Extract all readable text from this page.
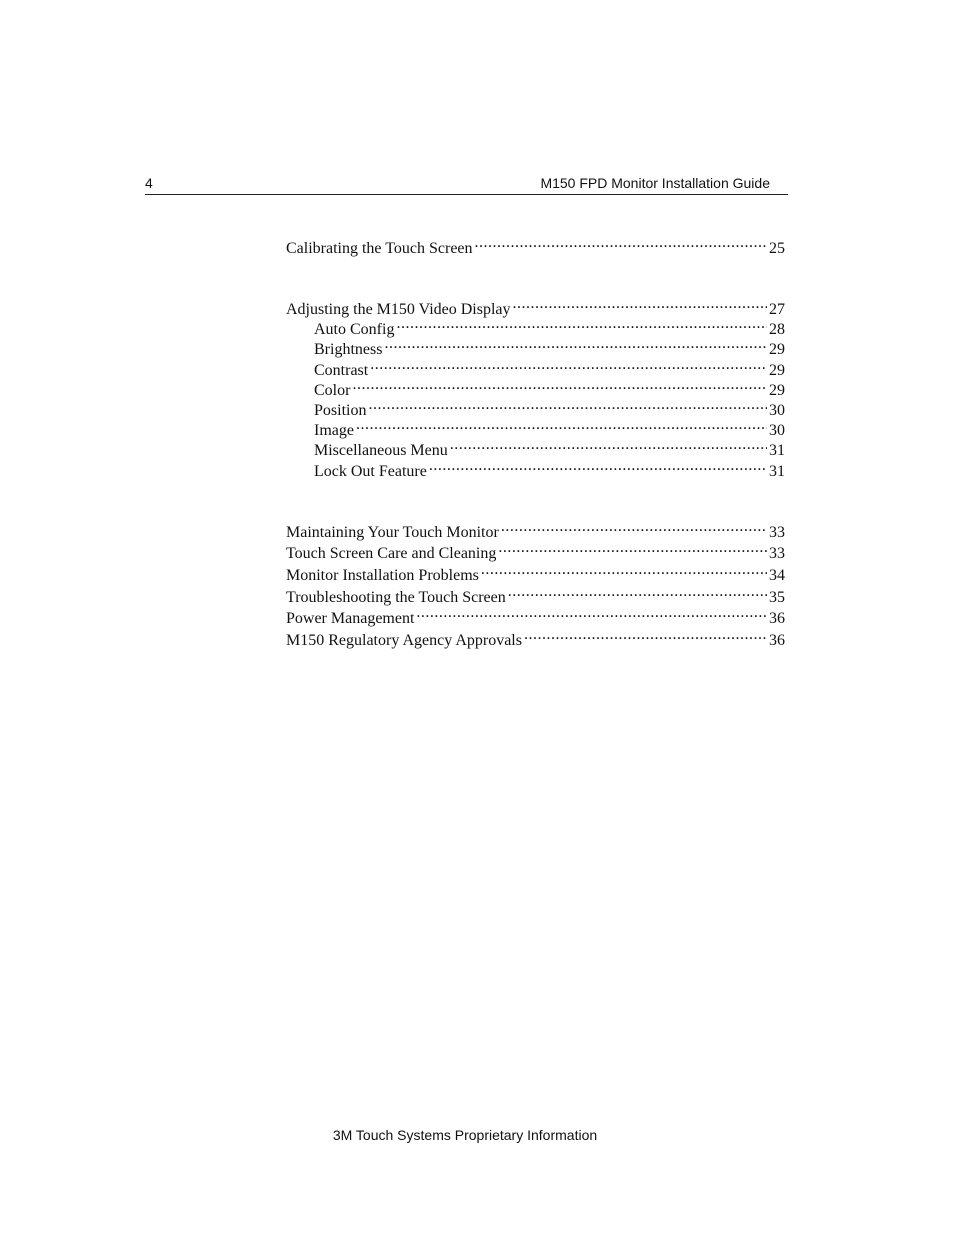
4	M150 FPD Monitor Installation Guide
Calibrating the Touch Screen .....	25
Adjusting the M150 Video Display .....	27
Auto Config .....	28
Brightness .....	29
Contrast .....	29
Color .....	29
Position .....	30
Image .....	30
Miscellaneous Menu .....	31
Lock Out Feature .....	31
Maintaining Your Touch Monitor .....	33
Touch Screen Care and Cleaning .....	33
Monitor Installation Problems .....	34
Troubleshooting the Touch Screen .....	35
Power Management .....	36
M150 Regulatory Agency Approvals .....	36
3M Touch Systems Proprietary Information
